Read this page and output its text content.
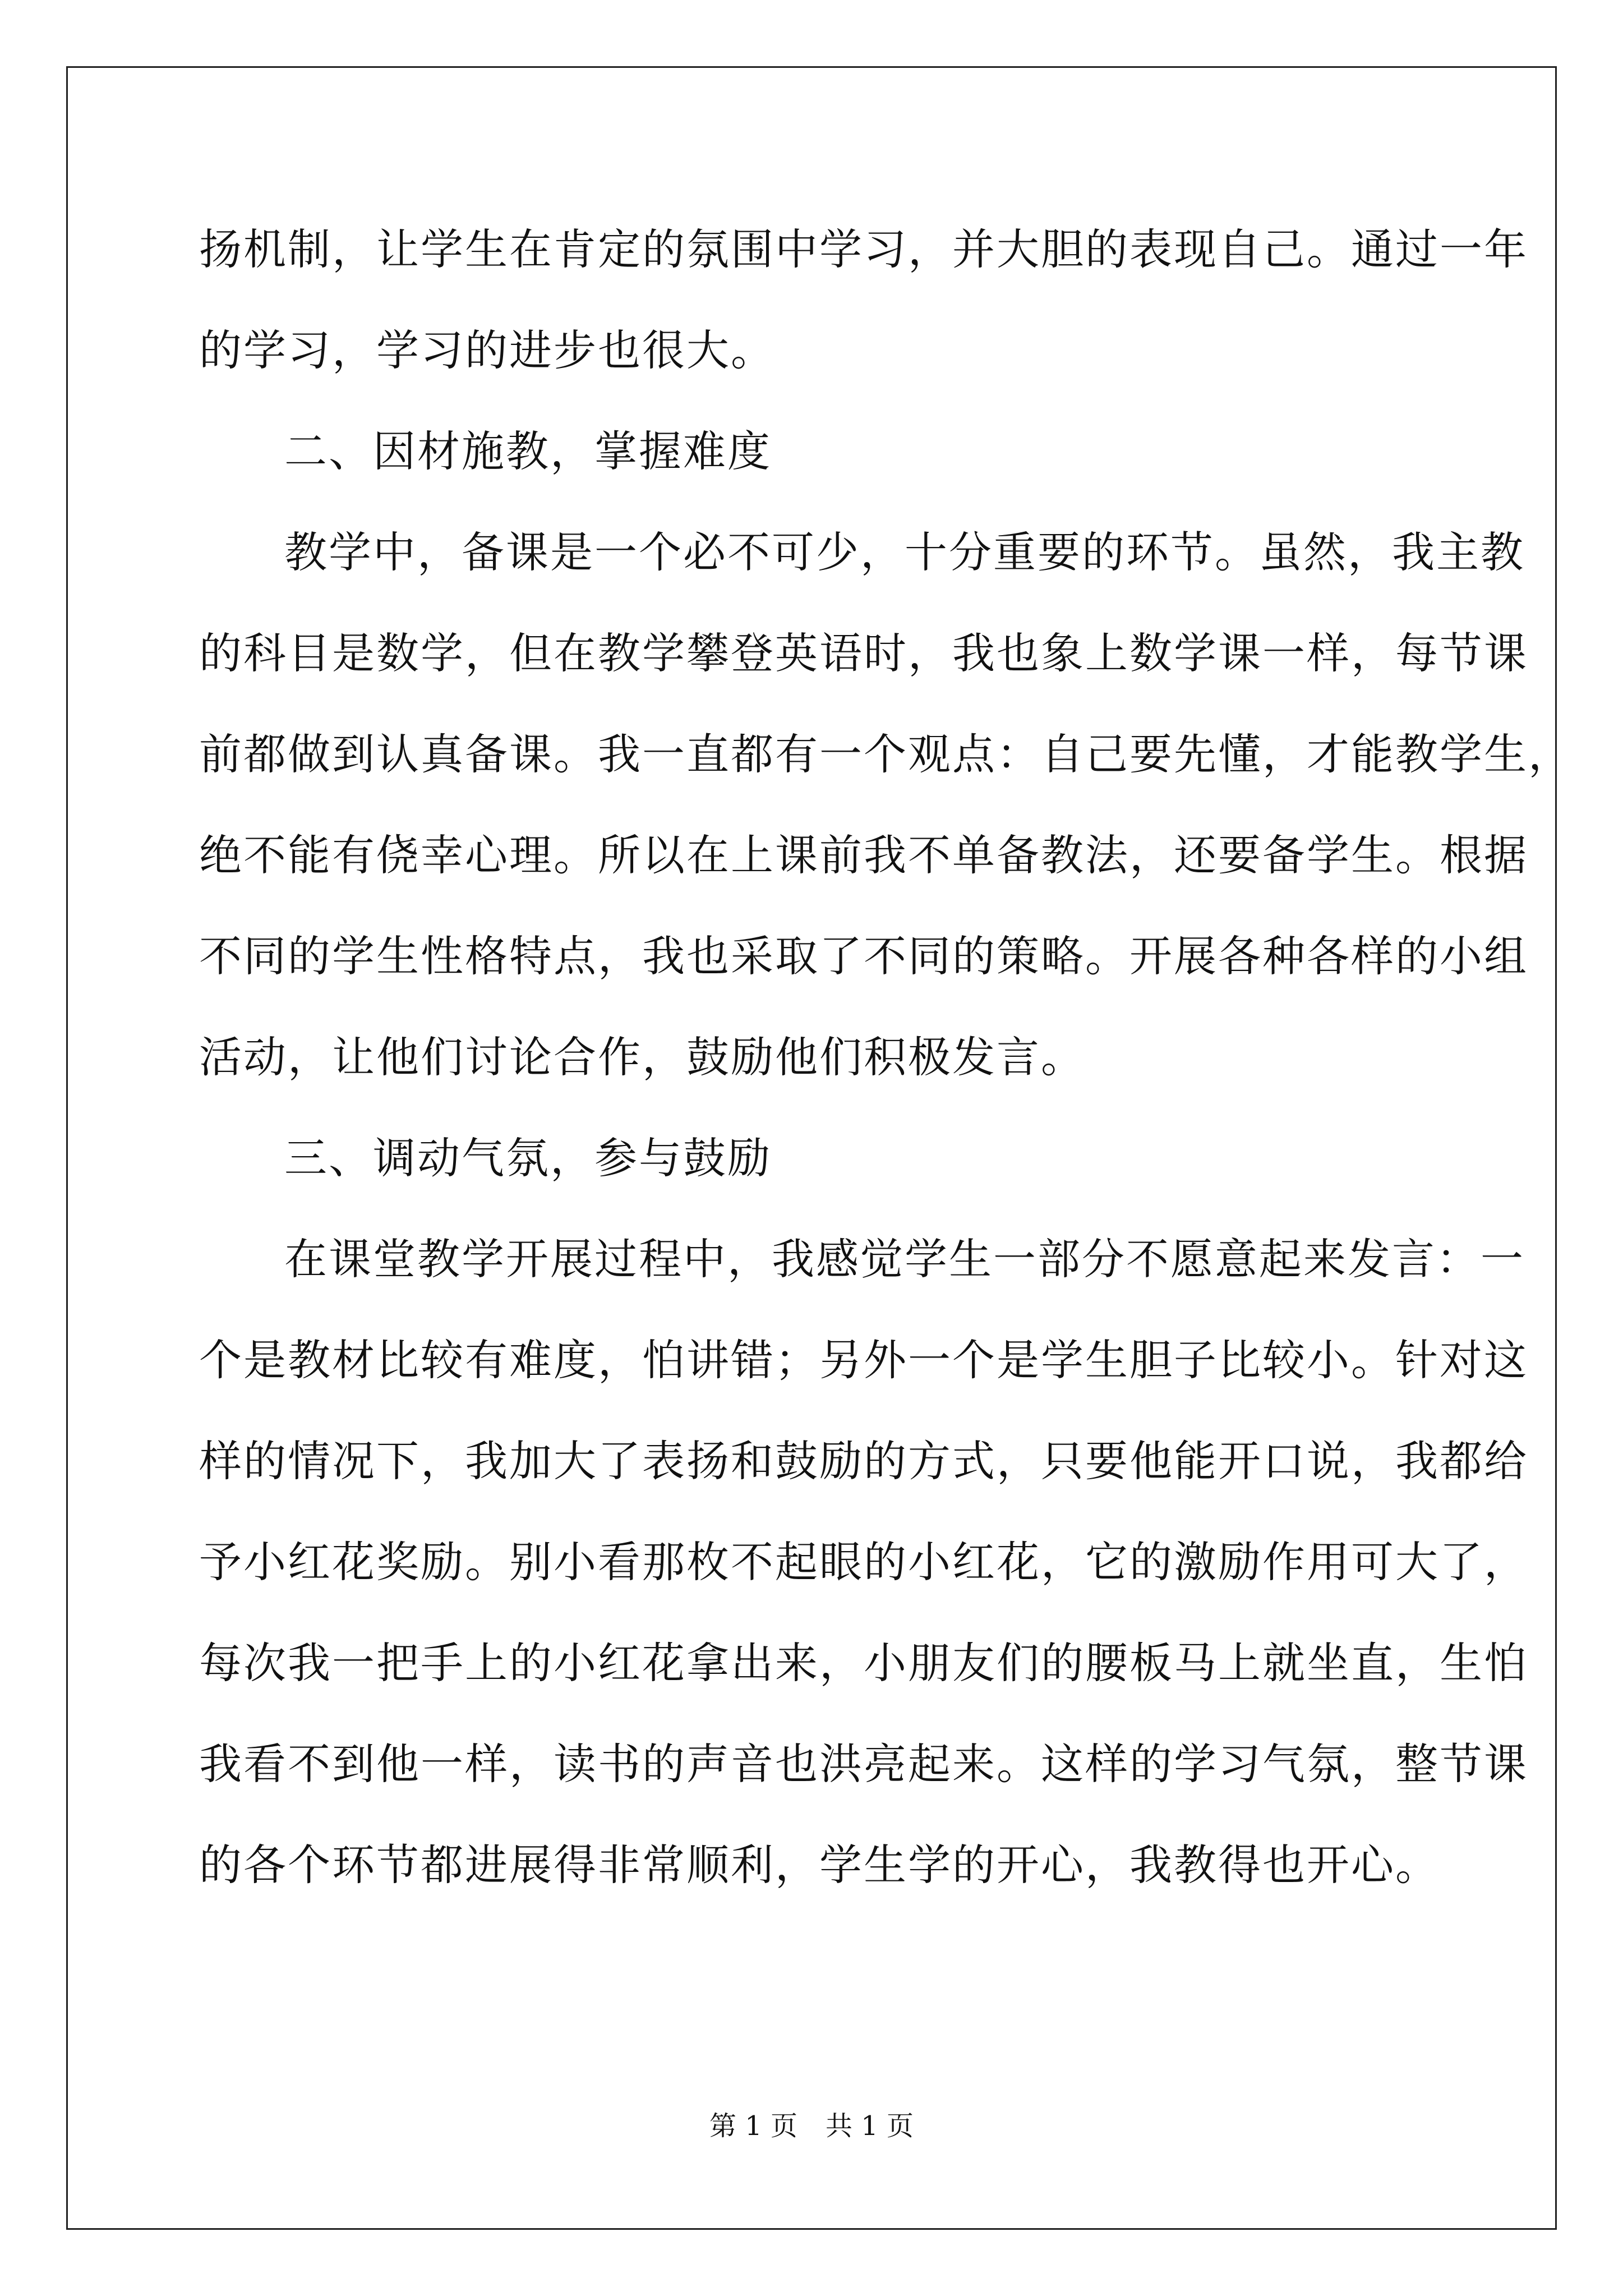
扬机制，让学生在肯定的氛围中学习，并大胆的表现自己。通过一年
的学习，学习的进步也很大。
二、因材施教，掌握难度
教学中，备课是一个必不可少，十分重要的环节。虽然，我主教
的科目是数学，但在教学攀登英语时，我也象上数学课一样，每节课
前都做到认真备课。我一直都有一个观点：自己要先懂，才能教学生，
绝不能有侥幸心理。所以在上课前我不单备教法，还要备学生。根据
不同的学生性格特点，我也采取了不同的策略。开展各种各样的小组
活动，让他们讨论合作，鼓励他们积极发言。
三、调动气氛，参与鼓励
在课堂教学开展过程中，我感觉学生一部分不愿意起来发言：一
个是教材比较有难度，怕讲错；另外一个是学生胆子比较小。针对这
样的情况下，我加大了表扬和鼓励的方式，只要他能开口说，我都给
予小红花奖励。别小看那枚不起眼的小红花，它的激励作用可大了，
每次我一把手上的小红花拿出来，小朋友们的腰板马上就坐直，生怕
我看不到他一样，读书的声音也洪亮起来。这样的学习气氛，整节课
的各个环节都进展得非常顺利，学生学的开心，我教得也开心。
第 1 页 共 1 页
